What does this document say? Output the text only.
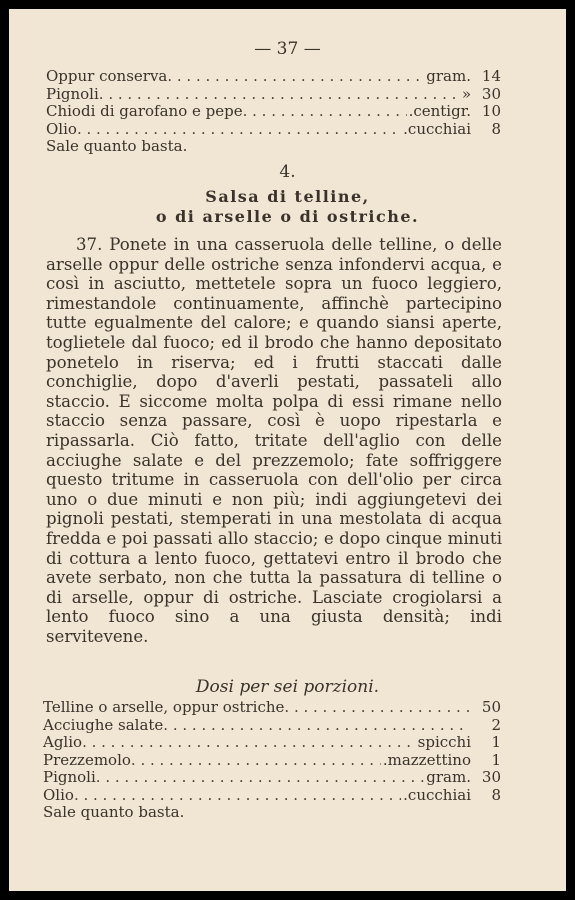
— 37 —
Oppur conserva . . .	gram. 14
Pignoli . . .	» 30
Chiodi di garofano e pepe . . .	.centigr. 10
Olio . . .	.cucchiai	8
Sale quanto basta.
4.
Salsa di telline,
o di arselle o di ostriche.

37. Ponete in una casseruola delle telline, o delle arselle oppur delle ostriche senza infondervi acqua, e così in asciutto, mettetele sopra un fuoco leggiero, rimestandole continuamente, affinchè partecipino tutte egualmente del calore; e quando siansi aperte, toglietele dal fuoco; ed il brodo che hanno depositato ponetelo in riserva; ed i frutti staccati dalle conchiglie, dopo d'averli pestati, passateli allo staccio. E siccome molta polpa di essi rimane nello staccio senza passare, così è uopo ripestarla e ripassarla. Ciò fatto, tritate dell'aglio con delle acciughe salate e del prezzemolo; fate soffriggere questo tritume in casseruola con dell'olio per circa uno o due minuti e non più; indi aggiungetevi dei pignoli pestati, stemperati in una mestolata di acqua fredda e poi passati allo staccio; e dopo cinque minuti di cottura a lento fuoco, gettatevi entro il brodo che avete serbato, non che tutta la passatura di telline o di arselle, oppur di ostriche. Lasciate crogiolarsi a lento fuoco sino a una giusta densità; indi servitevene.

Dosi per sei porzioni.
Telline o arselle, oppur ostriche . . .	50
Acciughe salate . . .	2
Aglio . . .	spicchi	1
Prezzemolo . . .	.mazzettino	1
Pignoli . . .	gram. 30
Olio . . .	.cucchiai	8
Sale quanto basta.
